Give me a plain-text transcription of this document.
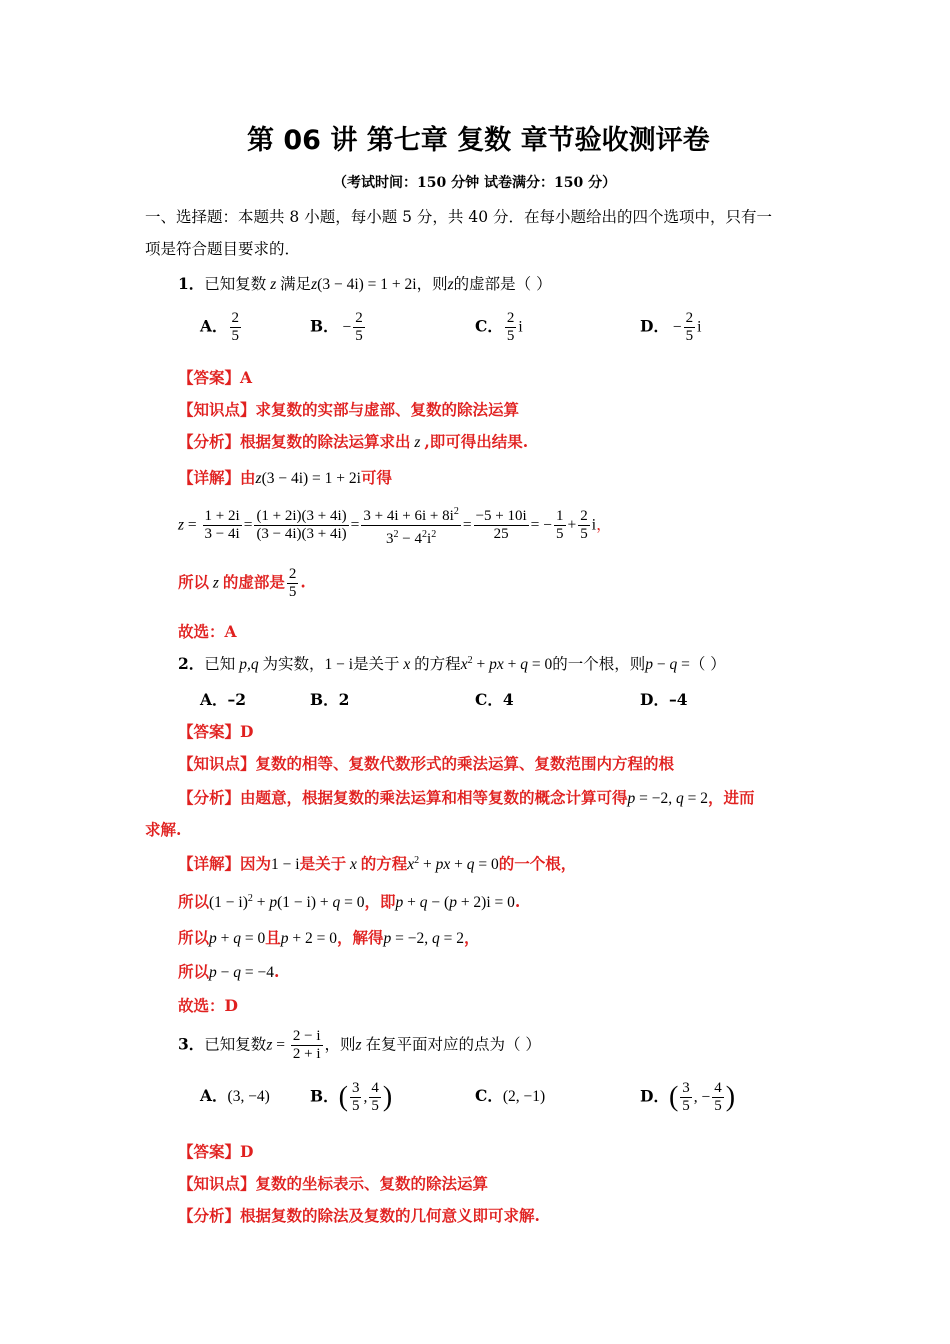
第 06 讲 第七章 复数 章节验收测评卷
（考试时间：150 分钟 试卷满分：150 分）
一、选择题：本题共 8 小题，每小题 5 分，共 40 分．在每小题给出的四个选项中，只有一
项是符合题目要求的．
1．已知复数 z 满足z(3 − 4i) = 1 + 2i，则z的虚部是（ ）
A． $\frac{2}{5}$	B． − $\frac{2}{5}$	C． $\frac{2}{5}$ i	D． − $\frac{2}{5}$ i
【答案】A
【知识点】求复数的实部与虚部、复数的除法运算
【分析】根据复数的除法运算求出 z ,即可得出结果.
【详解】由z(3 − 4i) = 1 + 2i可得
$z = \frac{1 + 2i}{3 - 4i} = \frac{(1 + 2i)(3 + 4i)}{(3 - 4i)(3 + 4i)} = \frac{3 + 4i + 6i + 8i^2}{3^2 - 4^2i^2} = \frac{-5 + 10i}{25}$ = − $\frac{1}{5} + \frac{2}{5}$ i，
所以 z 的虚部是 $\frac{2}{5}$ .
故选：A
2．已知 p,q 为实数，1 − i是关于 x 的方程$x^2$ + px + q = 0的一个根，则p − q =（ ）
A．–2	B．2	C．4	D．–4
【答案】D
【知识点】复数的相等、复数代数形式的乘法运算、复数范围内方程的根
【分析】由题意，根据复数的乘法运算和相等复数的概念计算可得p = −2, q = 2，进而
求解.
【详解】因为1 − i是关于 x 的方程$x^2$ + px + q = 0的一个根，
所以$(1 - i)^2 + p(1 - i) + q = 0$，即p + q − (p + 2)i = 0.
所以p + q = 0且p + 2 = 0，解得p = −2, q = 2，
所以p − q = −4.
故选：D
3．已知复数$z = \frac{2 - i}{2 + i}$ ，则z 在复平面对应的点为（ ）
A．(3, −4)	B．( $\frac{3}{5}$ , $\frac{4}{5}$ )	C．(2, −1)	D．( $\frac{3}{5}$ , − $\frac{4}{5}$ )
【答案】D
【知识点】复数的坐标表示、复数的除法运算
【分析】根据复数的除法及复数的几何意义即可求解.
